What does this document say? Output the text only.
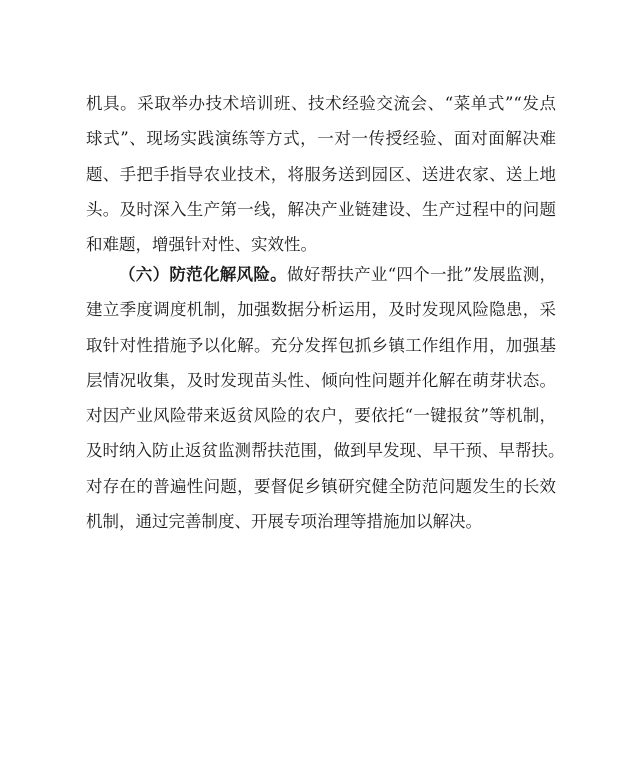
机具。采取举办技术培训班、技术经验交流会、“菜单式”“发点
球式”、现场实践演练等方式，一对一传授经验、面对面解决难
题、手把手指导农业技术，将服务送到园区、送进农家、送上地
头。及时深入生产第一线，解决产业链建设、生产过程中的问题
和难题，增强针对性、实效性。
（六）防范化解风险。做好帮扶产业“四个一批”发展监测，
建立季度调度机制，加强数据分析运用，及时发现风险隐患，采
取针对性措施予以化解。充分发挥包抓乡镇工作组作用，加强基
层情况收集，及时发现苗头性、倾向性问题并化解在萌芽状态。
对因产业风险带来返贫风险的农户，要依托“一键报贫”等机制，
及时纳入防止返贫监测帮扶范围，做到早发现、早干预、早帮扶。
对存在的普遍性问题，要督促乡镇研究健全防范问题发生的长效
机制，通过完善制度、开展专项治理等措施加以解决。
